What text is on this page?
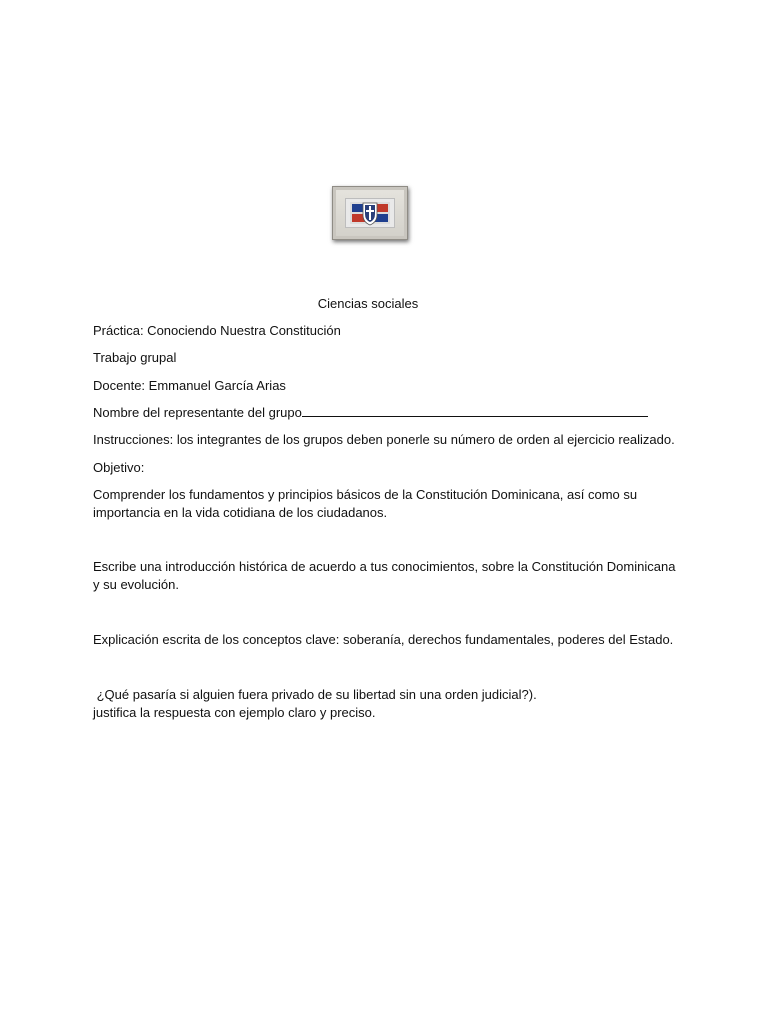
Ciencias sociales
Práctica: Conociendo Nuestra Constitución
Trabajo grupal
Docente: Emmanuel García Arias
Nombre del representante del grupo
Instrucciones: los integrantes de los grupos deben ponerle su número de orden al ejercicio realizado.
Objetivo:
Comprender los fundamentos y principios básicos de la Constitución Dominicana, así como su importancia en la vida cotidiana de los ciudadanos.
Escribe una introducción histórica de acuerdo a tus conocimientos, sobre la Constitución Dominicana y su evolución.
Explicación escrita de los conceptos clave: soberanía, derechos fundamentales, poderes del Estado.
¿Qué pasaría si alguien fuera privado de su libertad sin una orden judicial?).
justifica la respuesta con ejemplo claro y preciso.
